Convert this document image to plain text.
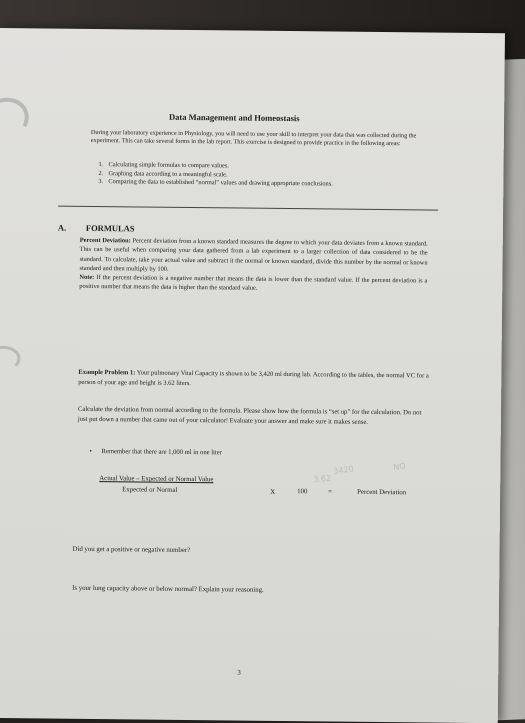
Data Management and Homeostasis
During your laboratory experience in Physiology, you will need to use your skill to interpret your data that was collected during the experiment. This can take several forms in the lab report. This exercise is designed to provide practice in the following areas:
1. Calculating simple formulas to compare values.
2. Graphing data according to a meaningful scale.
3. Comparing the data to established “normal” values and drawing appropriate conclusions.
A. FORMULAS
Percent Deviation: Percent deviation from a known standard measures the degree to which your data deviates from a known standard. This can be useful when comparing your data gathered from a lab experiment to a larger collection of data considered to be the standard. To calculate, take your actual value and subtract it the normal or known standard, divide this number by the normal or known standard and then multiply by 100.
Note: If the percent deviation is a negative number that means the data is lower than the standard value. If the percent deviation is a positive number that means the data is higher than the standard value.
Example Problem 1: Your pulmonary Vital Capacity is shown to be 3,420 ml during lab. According to the tables, the normal VC for a person of your age and height is 3.62 liters.
Calculate the deviation from normal according to the formula. Please show how the formula is “set up” for the calculation. Do not just put down a number that came out of your calculator! Evaluate your answer and make sure it makes sense.
• Remember that there are 1,000 ml in one liter
Actual Value – Expected or Normal Value
Expected or Normal	X	100	=	Percent Deviation
3420
3.62
NO
Did you get a positive or negative number?
Is your lung capacity above or below normal? Explain your reasoning.
3
